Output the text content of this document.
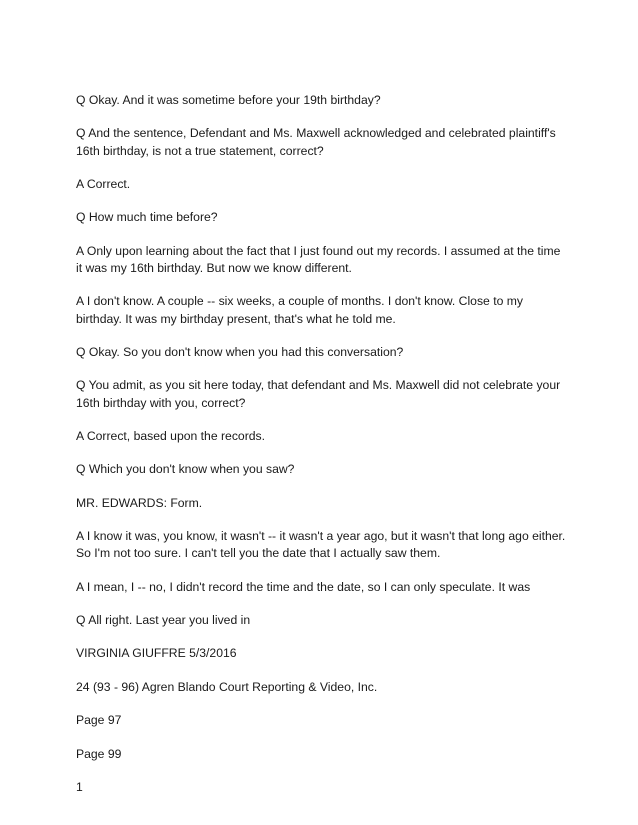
Q Okay. And it was sometime before your 19th birthday?

Q And the sentence, Defendant and Ms. Maxwell acknowledged and celebrated plaintiff's 16th birthday, is not a true statement, correct?

A Correct.

Q How much time before?

A Only upon learning about the fact that I just found out my records. I assumed at the time it was my 16th birthday. But now we know different.

A I don't know. A couple -- six weeks, a couple of months. I don't know. Close to my birthday. It was my birthday present, that's what he told me.

Q Okay. So you don't know when you had this conversation?

Q You admit, as you sit here today, that defendant and Ms. Maxwell did not celebrate your 16th birthday with you, correct?

A Correct, based upon the records.

Q Which you don't know when you saw?

MR. EDWARDS: Form.

A I know it was, you know, it wasn't -- it wasn't a year ago, but it wasn't that long ago either. So I'm not too sure. I can't tell you the date that I actually saw them.

A I mean, I -- no, I didn't record the time and the date, so I can only speculate. It was

Q All right. Last year you lived in

VIRGINIA GIUFFRE 5/3/2016

24 (93 - 96) Agren Blando Court Reporting & Video, Inc.

Page 97

Page 99

1
